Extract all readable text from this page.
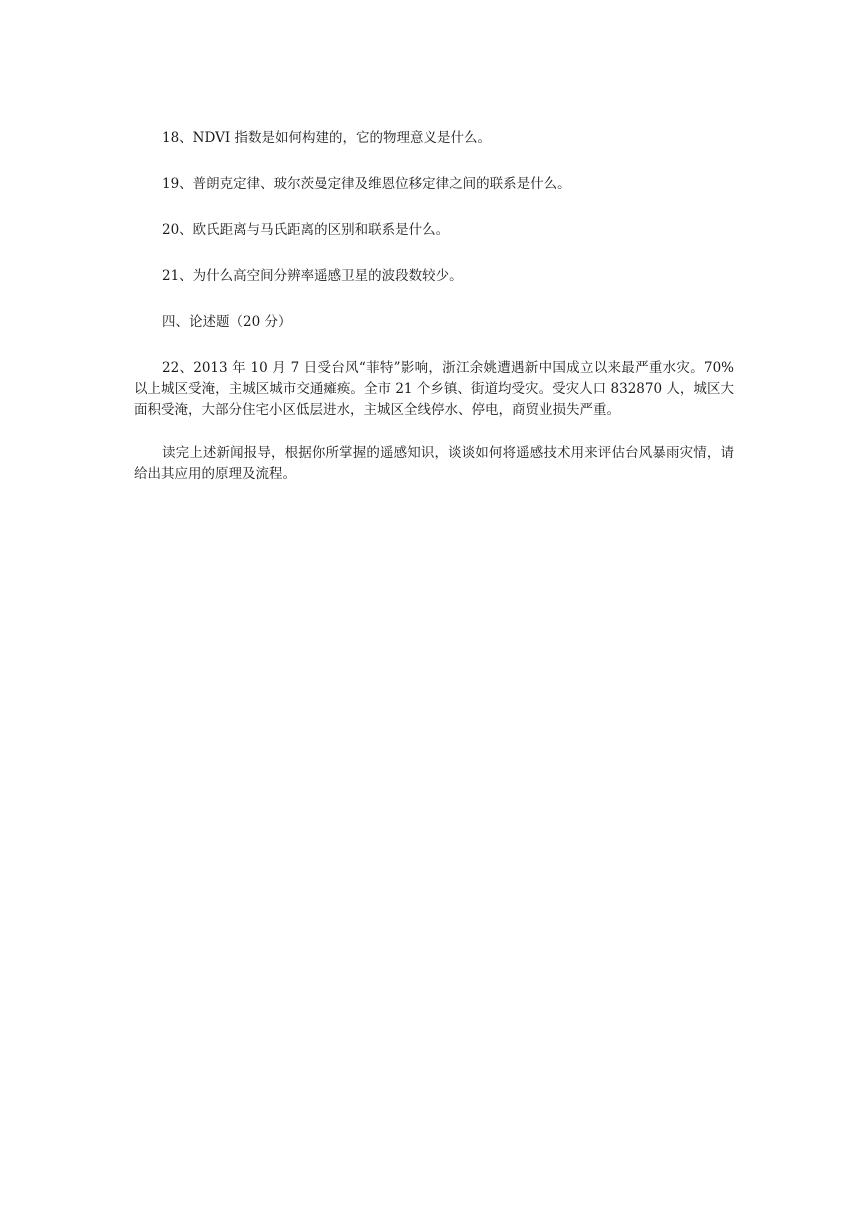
18、NDVI 指数是如何构建的，它的物理意义是什么。

19、普朗克定律、玻尔茨曼定律及维恩位移定律之间的联系是什么。

20、欧氏距离与马氏距离的区别和联系是什么。

21、为什么高空间分辨率遥感卫星的波段数较少。

四、论述题（20 分）

22、2013 年 10 月 7 日受台风“菲特”影响，浙江余姚遭遇新中国成立以来最严重水灾。70%以上城区受淹，主城区城市交通瘫痪。全市 21 个乡镇、街道均受灾。受灾人口 832870 人，城区大面积受淹，大部分住宅小区低层进水，主城区全线停水、停电，商贸业损失严重。

读完上述新闻报导，根据你所掌握的遥感知识，谈谈如何将遥感技术用来评估台风暴雨灾情，请给出其应用的原理及流程。
